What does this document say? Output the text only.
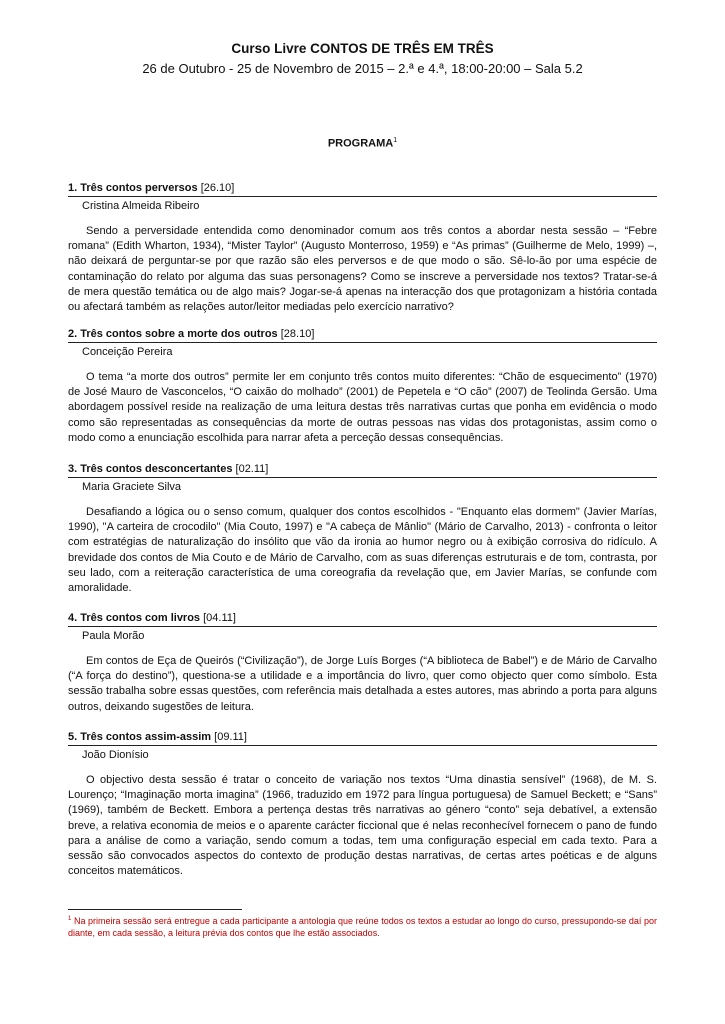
Curso Livre CONTOS DE TRÊS EM TRÊS
26 de Outubro - 25 de Novembro de 2015 – 2.ª e 4.ª, 18:00-20:00 – Sala 5.2
PROGRAMA$^1$
1. Três contos perversos [26.10]
Cristina Almeida Ribeiro
Sendo a perversidade entendida como denominador comum aos três contos a abordar nesta sessão – “Febre romana” (Edith Wharton, 1934), “Mister Taylor” (Augusto Monterroso, 1959) e “As primas” (Guilherme de Melo, 1999) –, não deixará de perguntar-se por que razão são eles perversos e de que modo o são. Sê-lo-ão por uma espécie de contaminação do relato por alguma das suas personagens? Como se inscreve a perversidade nos textos? Tratar-se-á de mera questão temática ou de algo mais? Jogar-se-á apenas na interacção dos que protagonizam a história contada ou afectará também as relações autor/leitor mediadas pelo exercício narrativo?
2. Três contos sobre a morte dos outros [28.10]
Conceição Pereira
O tema “a morte dos outros” permite ler em conjunto três contos muito diferentes: “Chão de esquecimento” (1970) de José Mauro de Vasconcelos, “O caixão do molhado” (2001) de Pepetela e “O cão” (2007) de Teolinda Gersão. Uma abordagem possível reside na realização de uma leitura destas três narrativas curtas que ponha em evidência o modo como são representadas as consequências da morte de outras pessoas nas vidas dos protagonistas, assim como o modo como a enunciação escolhida para narrar afeta a perceção dessas consequências.
3. Três contos desconcertantes [02.11]
Maria Graciete Silva
Desafiando a lógica ou o senso comum, qualquer dos contos escolhidos - "Enquanto elas dormem" (Javier Marías, 1990), "A carteira de crocodilo" (Mia Couto, 1997) e "A cabeça de Mânlio" (Mário de Carvalho, 2013) - confronta o leitor com estratégias de naturalização do insólito que vão da ironia ao humor negro ou à exibição corrosiva do ridículo. A brevidade dos contos de Mia Couto e de Mário de Carvalho, com as suas diferenças estruturais e de tom, contrasta, por seu lado, com a reiteração característica de uma coreografia da revelação que, em Javier Marías, se confunde com amoralidade.
4. Três contos com livros [04.11]
Paula Morão
Em contos de Eça de Queirós (“Civilização”), de Jorge Luís Borges (“A biblioteca de Babel”) e de Mário de Carvalho (“A força do destino”), questiona-se a utilidade e a importância do livro, quer como objecto quer como símbolo. Esta sessão trabalha sobre essas questões, com referência mais detalhada a estes autores, mas abrindo a porta para alguns outros, deixando sugestões de leitura.
5. Três contos assim-assim [09.11]
João Dionísio
O objectivo desta sessão é tratar o conceito de variação nos textos “Uma dinastia sensível” (1968), de M. S. Lourenço; “Imaginação morta imagina” (1966, traduzido em 1972 para língua portuguesa) de Samuel Beckett; e “Sans” (1969), também de Beckett. Embora a pertença destas três narrativas ao género “conto” seja debatível, a extensão breve, a relativa economia de meios e o aparente carácter ficcional que é nelas reconhecível fornecem o pano de fundo para a análise de como a variação, sendo comum a todas, tem uma configuração especial em cada texto. Para a sessão são convocados aspectos do contexto de produção destas narrativas, de certas artes poéticas e de alguns conceitos matemáticos.
$^1$ Na primeira sessão será entregue a cada participante a antologia que reúne todos os textos a estudar ao longo do curso, pressupondo-se daí por diante, em cada sessão, a leitura prévia dos contos que lhe estão associados.
